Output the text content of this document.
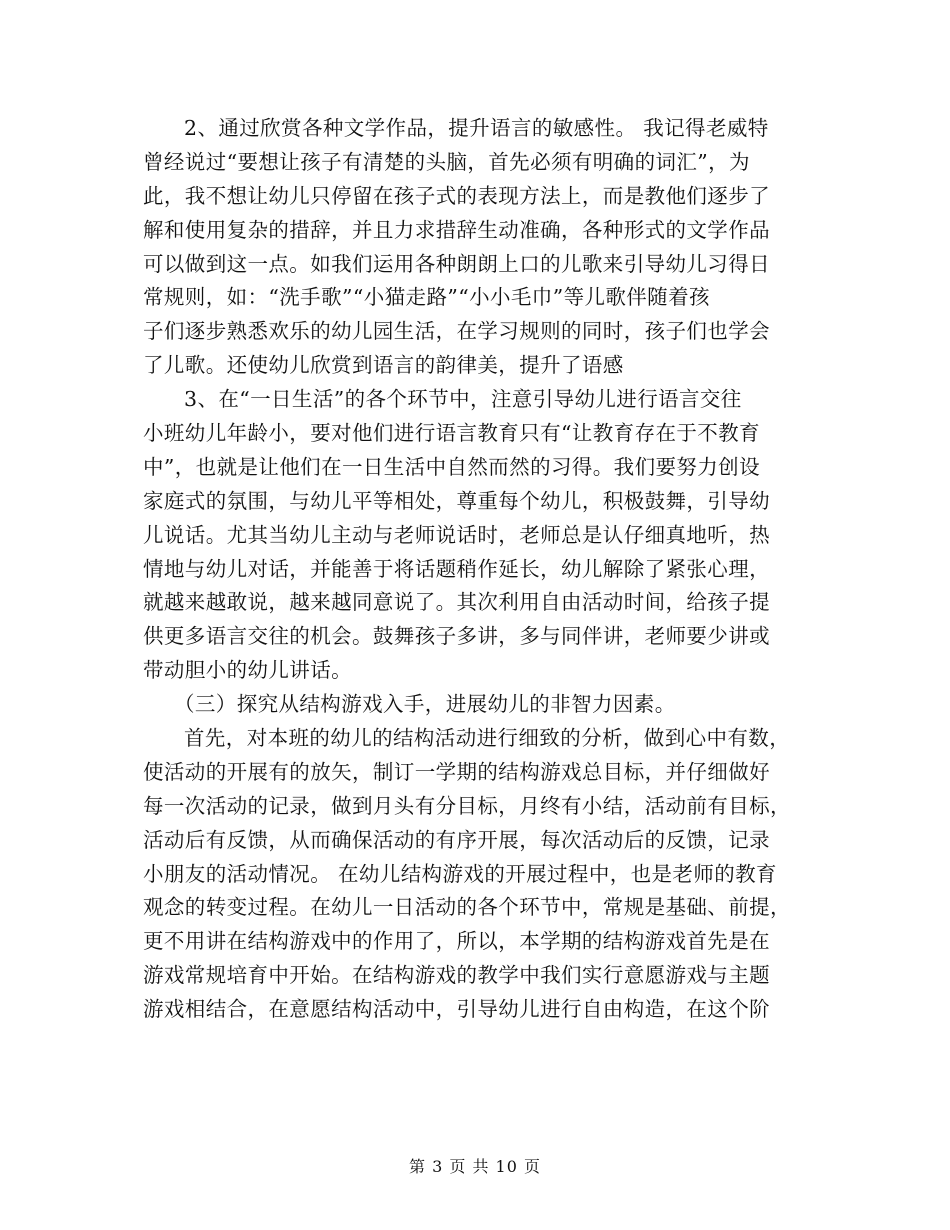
2、通过欣赏各种文学作品，提升语言的敏感性。 我记得老威特
曾经说过“要想让孩子有清楚的头脑，首先必须有明确的词汇”，为
此，我不想让幼儿只停留在孩子式的表现方法上，而是教他们逐步了
解和使用复杂的措辞，并且力求措辞生动准确，各种形式的文学作品
可以做到这一点。如我们运用各种朗朗上口的儿歌来引导幼儿习得日
常规则，如：“洗手歌”“小猫走路”“小小毛巾”等儿歌伴随着孩
子们逐步熟悉欢乐的幼儿园生活，在学习规则的同时，孩子们也学会
了儿歌。还使幼儿欣赏到语言的韵律美，提升了语感
3、在“一日生活”的各个环节中，注意引导幼儿进行语言交往
小班幼儿年龄小，要对他们进行语言教育只有“让教育存在于不教育
中”，也就是让他们在一日生活中自然而然的习得。我们要努力创设
家庭式的氛围，与幼儿平等相处，尊重每个幼儿，积极鼓舞，引导幼
儿说话。尤其当幼儿主动与老师说话时，老师总是认仔细真地听，热
情地与幼儿对话，并能善于将话题稍作延长，幼儿解除了紧张心理，
就越来越敢说，越来越同意说了。其次利用自由活动时间，给孩子提
供更多语言交往的机会。鼓舞孩子多讲，多与同伴讲，老师要少讲或
带动胆小的幼儿讲话。
（三）探究从结构游戏入手，进展幼儿的非智力因素。
首先，对本班的幼儿的结构活动进行细致的分析，做到心中有数，
使活动的开展有的放矢，制订一学期的结构游戏总目标，并仔细做好
每一次活动的记录，做到月头有分目标，月终有小结，活动前有目标，
活动后有反馈，从而确保活动的有序开展，每次活动后的反馈，记录
小朋友的活动情况。 在幼儿结构游戏的开展过程中，也是老师的教育
观念的转变过程。在幼儿一日活动的各个环节中，常规是基础、前提，
更不用讲在结构游戏中的作用了，所以，本学期的结构游戏首先是在
游戏常规培育中开始。在结构游戏的教学中我们实行意愿游戏与主题
游戏相结合，在意愿结构活动中，引导幼儿进行自由构造，在这个阶
第 3 页 共 10 页
